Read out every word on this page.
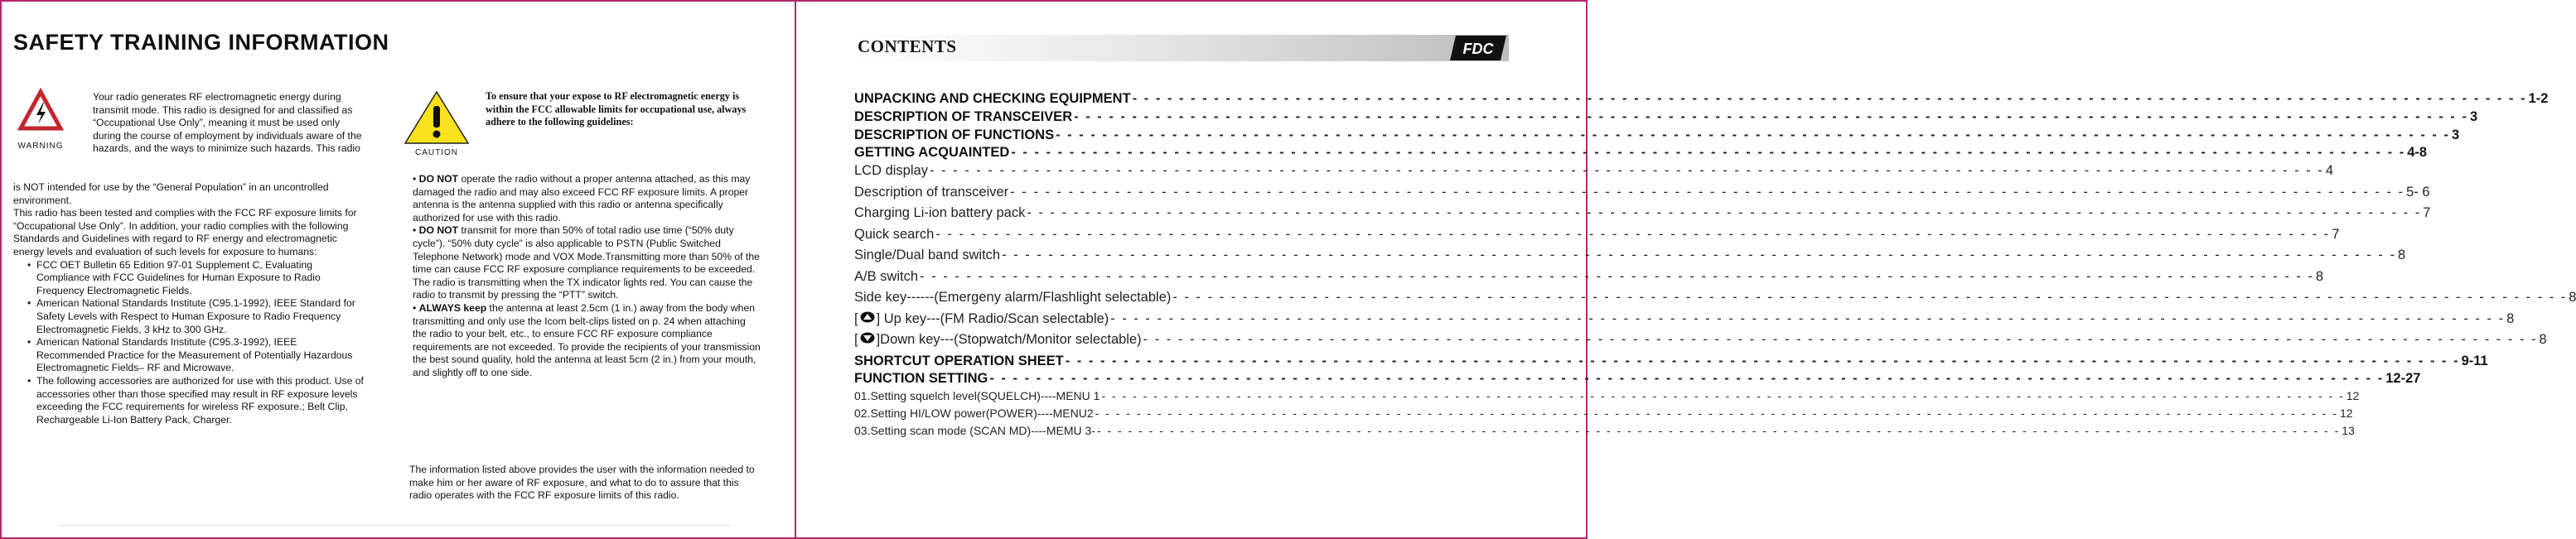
SAFETY TRAINING INFORMATION
WARNING
Your radio generates RF electromagnetic energy during transmit mode. This radio is designed for and classified as “Occupational Use Only”, meaning it must be used only during the course of employment by individuals aware of the hazards, and the ways to minimize such hazards. This radio

is NOT intended for use by the “General Population” in an uncontrolled environment.

This radio has been tested and complies with the FCC RF exposure limits for “Occupational Use Only”. In addition, your radio complies with the following Standards and Guidelines with regard to RF energy and electromagnetic energy levels and evaluation of such levels for exposure to humans:

• FCC OET Bulletin 65 Edition 97-01 Supplement C, Evaluating Compliance with FCC Guidelines for Human Exposure to Radio Frequency Electromagnetic Fields.
• American National Standards Institute (C95.1-1992), IEEE Standard for Safety Levels with Respect to Human Exposure to Radio Frequency Electromagnetic Fields, 3 kHz to 300 GHz.
• American National Standards Institute (C95.3-1992), IEEE Recommended Practice for the Measurement of Potentially Hazardous Electromagnetic Fields– RF and Microwave.
• The following accessories are authorized for use with this product. Use of accessories other than those specified may result in RF exposure levels exceeding the FCC requirements for wireless RF exposure.; Belt Clip, Rechargeable Li-Ion Battery Pack, Charger.
CAUTION
To ensure that your expose to RF electromagnetic energy is within the FCC allowable limits for occupational use, always adhere to the following guidelines:

• DO NOT operate the radio without a proper antenna attached, as this may damaged the radio and may also exceed FCC RF exposure limits. A proper antenna is the antenna supplied with this radio or antenna specifically authorized for use with this radio.

• DO NOT transmit for more than 50% of total radio use time (“50% duty cycle”). “50% duty cycle” is also applicable to PSTN (Public Switched Telephone Network) mode and VOX Mode.Transmitting more than 50% of the time can cause FCC RF exposure compliance requirements to be exceeded. The radio is transmitting when the TX indicator lights red. You can cause the radio to transmit by pressing the “PTT” switch.

• ALWAYS keep the antenna at least 2.5cm (1 in.) away from the body when transmitting and only use the Icom belt-clips listed on p. 24 when attaching the radio to your belt, etc., to ensure FCC RF exposure compliance requirements are not exceeded. To provide the recipients of your transmission the best sound quality, hold the antenna at least 5cm (2 in.) from your mouth, and slightly off to one side.

The information listed above provides the user with the information needed to make him or her aware of RF exposure, and what to do to assure that this radio operates with the FCC RF exposure limits of this radio.
CONTENTS	FDC
UNPACKING AND CHECKING EQUIPMENT - - - - - - - - - - - - - - - - - - - - - - - - - - - - - - - - - - - - - - - - - - - - - - - - - - - - - - - - - - - - - - - - - - - - - - - - - - - - - - - - - - - - - - - - - - - - - - - - - - - - - - - - - - - - - - - - - - - - - - - - 1-2
DESCRIPTION OF TRANSCEIVER - - - - - - - - - - - - - - - - - - - - - - - - - - - - - - - - - - - - - - - - - - - - - - - - - - - - - - - - - - - - - - - - - - - - - - - - - - - - - - - - - - - - - - - - - - - - - - - - - - - - - - - - - - - - - - - - - - - - - - - - 3
DESCRIPTION OF FUNCTIONS - - - - - - - - - - - - - - - - - - - - - - - - - - - - - - - - - - - - - - - - - - - - - - - - - - - - - - - - - - - - - - - - - - - - - - - - - - - - - - - - - - - - - - - - - - - - - - - - - - - - - - - - - - - - - - - - - - - - - - - - 3
GETTING ACQUAINTED - - - - - - - - - - - - - - - - - - - - - - - - - - - - - - - - - - - - - - - - - - - - - - - - - - - - - - - - - - - - - - - - - - - - - - - - - - - - - - - - - - - - - - - - - - - - - - - - - - - - - - - - - - - - - - - - - - - - - - - - 4-8
LCD display - - - - - - - - - - - - - - - - - - - - - - - - - - - - - - - - - - - - - - - - - - - - - - - - - - - - - - - - - - - - - - - - - - - - - - - - - - - - - - - - - - - - - - - - - - - - - - - - - - - - - - - - - - - - - - - - - - - - - - - - 4
Description of transceiver - - - - - - - - - - - - - - - - - - - - - - - - - - - - - - - - - - - - - - - - - - - - - - - - - - - - - - - - - - - - - - - - - - - - - - - - - - - - - - - - - - - - - - - - - - - - - - - - - - - - - - - - - - - - - - - - - - - - - - - - 5- 6
Charging Li-ion battery pack - - - - - - - - - - - - - - - - - - - - - - - - - - - - - - - - - - - - - - - - - - - - - - - - - - - - - - - - - - - - - - - - - - - - - - - - - - - - - - - - - - - - - - - - - - - - - - - - - - - - - - - - - - - - - - - - - - - - - - - - 7
Quick search - - - - - - - - - - - - - - - - - - - - - - - - - - - - - - - - - - - - - - - - - - - - - - - - - - - - - - - - - - - - - - - - - - - - - - - - - - - - - - - - - - - - - - - - - - - - - - - - - - - - - - - - - - - - - - - - - - - - - - - - 7
Single/Dual band switch - - - - - - - - - - - - - - - - - - - - - - - - - - - - - - - - - - - - - - - - - - - - - - - - - - - - - - - - - - - - - - - - - - - - - - - - - - - - - - - - - - - - - - - - - - - - - - - - - - - - - - - - - - - - - - - - - - - - - - - - 8
A/B switch - - - - - - - - - - - - - - - - - - - - - - - - - - - - - - - - - - - - - - - - - - - - - - - - - - - - - - - - - - - - - - - - - - - - - - - - - - - - - - - - - - - - - - - - - - - - - - - - - - - - - - - - - - - - - - - - - - - - - - - - 8
Side key------(Emergeny alarm/Flashlight selectable) - - - - - - - - - - - - - - - - - - - - - - - - - - - - - - - - - - - - - - - - - - - - - - - - - - - - - - - - - - - - - - - - - - - - - - - - - - - - - - - - - - - - - - - - - - - - - - - - - - - - - - - - - - - - - - - - - - - - - - - - 8
[ ] Up key---(FM Radio/Scan selectable) - - - - - - - - - - - - - - - - - - - - - - - - - - - - - - - - - - - - - - - - - - - - - - - - - - - - - - - - - - - - - - - - - - - - - - - - - - - - - - - - - - - - - - - - - - - - - - - - - - - - - - - - - - - - - - - - - - - - - - - - 8
[ ]Down key---(Stopwatch/Monitor selectable) - - - - - - - - - - - - - - - - - - - - - - - - - - - - - - - - - - - - - - - - - - - - - - - - - - - - - - - - - - - - - - - - - - - - - - - - - - - - - - - - - - - - - - - - - - - - - - - - - - - - - - - - - - - - - - - - - - - - - - - - 8
SHORTCUT OPERATION SHEET - - - - - - - - - - - - - - - - - - - - - - - - - - - - - - - - - - - - - - - - - - - - - - - - - - - - - - - - - - - - - - - - - - - - - - - - - - - - - - - - - - - - - - - - - - - - - - - - - - - - - - - - - - - - - - - - - - - - - - - - 9-11
FUNCTION SETTING - - - - - - - - - - - - - - - - - - - - - - - - - - - - - - - - - - - - - - - - - - - - - - - - - - - - - - - - - - - - - - - - - - - - - - - - - - - - - - - - - - - - - - - - - - - - - - - - - - - - - - - - - - - - - - - - - - - - - - - - 12-27
01.Setting squelch level(SQUELCH)----MENU 1 - - - - - - - - - - - - - - - - - - - - - - - - - - - - - - - - - - - - - - - - - - - - - - - - - - - - - - - - - - - - - - - - - - - - - - - - - - - - - - - - - - - - - - - - - - - - - - - - - - - - - - - - - - - - - - - - - - - - - - - - 12
02.Setting HI/LOW power(POWER)----MENU2 - - - - - - - - - - - - - - - - - - - - - - - - - - - - - - - - - - - - - - - - - - - - - - - - - - - - - - - - - - - - - - - - - - - - - - - - - - - - - - - - - - - - - - - - - - - - - - - - - - - - - - - - - - - - - - - - - - - - - - - - 12
03.Setting scan mode (SCAN MD)----MEMU 3- - - - - - - - - - - - - - - - - - - - - - - - - - - - - - - - - - - - - - - - - - - - - - - - - - - - - - - - - - - - - - - - - - - - - - - - - - - - - - - - - - - - - - - - - - - - - - - - - - - - - - - - - - - - - - - - - - - - - - - - - 13
